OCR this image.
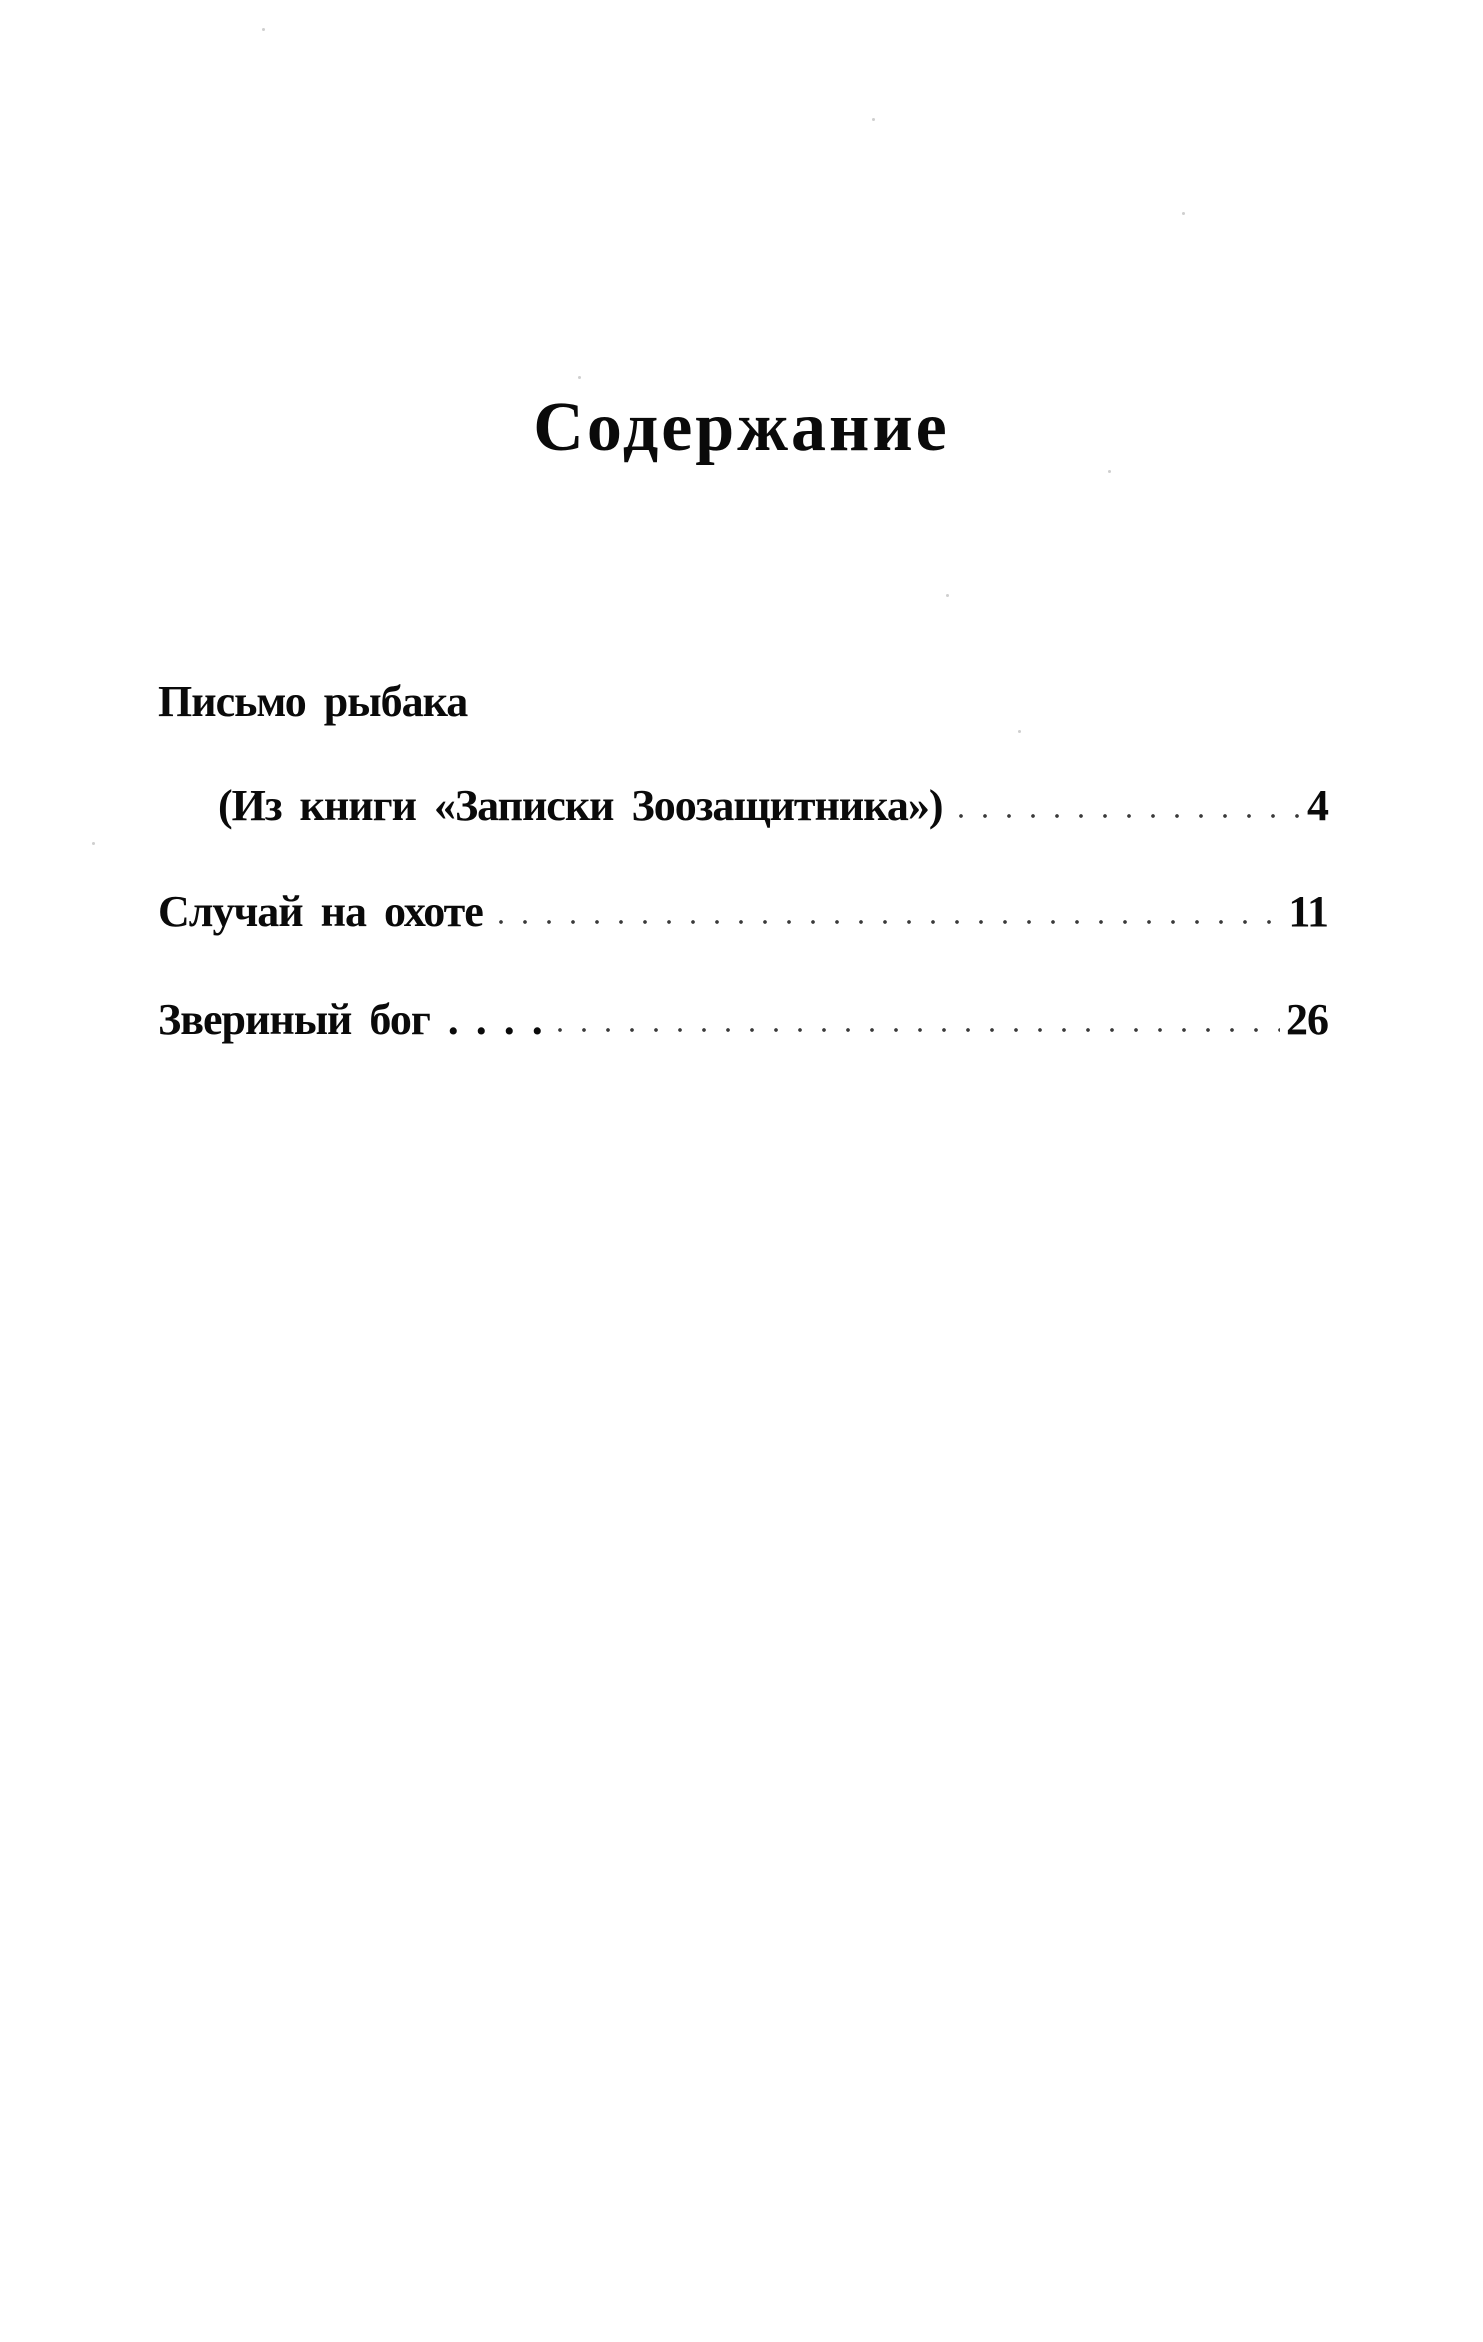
Содержание
Письмо рыбака
(Из книги «Записки Зоозащитника»)	4
Случай на охоте	11
Звериный бог . . . .	26
